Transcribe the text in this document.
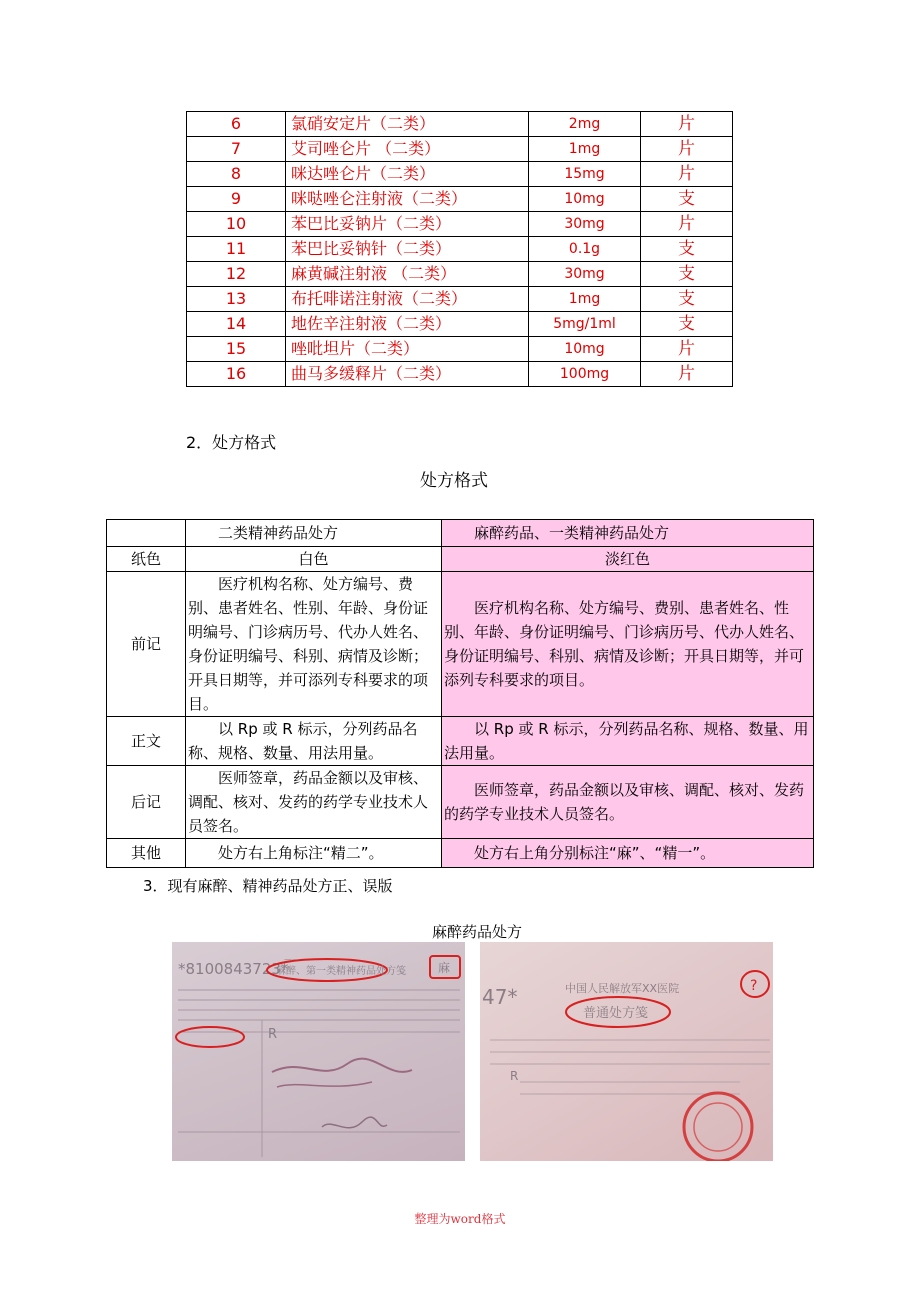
6	氯硝安定片（二类）	2mg	片
7	艾司唑仑片 （二类）	1mg	片
8	咪达唑仑片（二类）	15mg	片
9	咪哒唑仑注射液（二类）	10mg	支
10	苯巴比妥钠片（二类）	30mg	片
11	苯巴比妥钠针（二类）	0.1g	支
12	麻黄碱注射液 （二类）	30mg	支
13	布托啡诺注射液（二类）	1mg	支
14	地佐辛注射液（二类）	5mg/1ml	支
15	唑吡坦片（二类）	10mg	片
16	曲马多缓释片（二类）	100mg	片
2．处方格式
处方格式
	二类精神药品处方	麻醉药品、一类精神药品处方
纸色	白色	淡红色
前记	医疗机构名称、处方编号、费别、患者姓名、性别、年龄、身份证明编号、门诊病历号、代办人姓名、身份证明编号、科别、病情及诊断；开具日期等，并可添列专科要求的项目。	医疗机构名称、处方编号、费别、患者姓名、性别、年龄、身份证明编号、门诊病历号、代办人姓名、身份证明编号、科别、病情及诊断；开具日期等，并可添列专科要求的项目。
正文	以 Rp 或 R 标示，分列药品名称、规格、数量、用法用量。	以 Rp 或 R 标示，分列药品名称、规格、数量、用法用量。
后记	医师签章，药品金额以及审核、调配、核对、发药的药学专业技术人员签名。	医师签章，药品金额以及审核、调配、核对、发药的药学专业技术人员签名。
其他	处方右上角标注“精二”。	处方右上角分别标注“麻”、“精一”。
3．现有麻醉、精神药品处方正、误版
麻醉药品处方
*8100843723*
————————
麻醉、第一类精神药品处方笺	麻
R
47*	中国人民解放军XX医院
普通处方笺
?
R
整理为word格式
